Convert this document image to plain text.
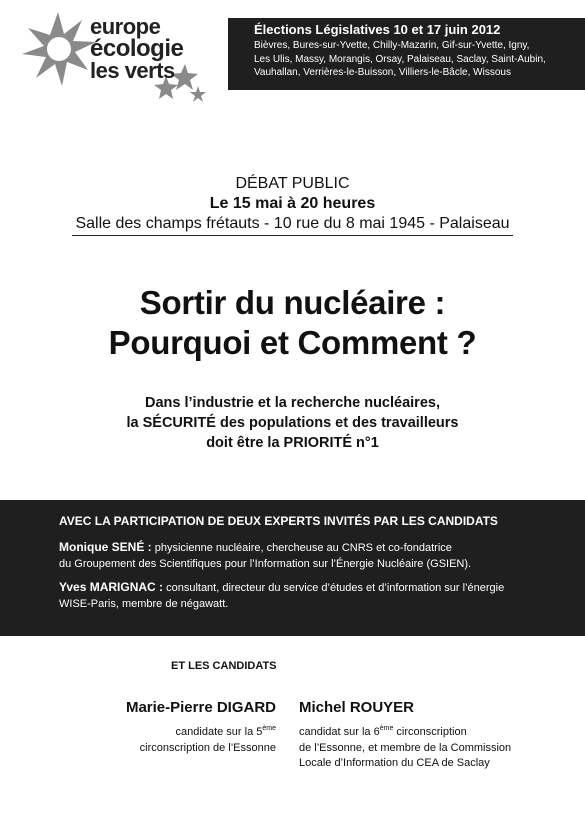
europe
écologie
les verts
Élections Législatives 10 et 17 juin 2012
Bièvres, Bures-sur-Yvette, Chilly-Mazarin, Gif-sur-Yvette, Igny,
Les Ulis, Massy, Morangis, Orsay, Palaiseau, Saclay, Saint-Aubin,
Vauhallan, Verrières-le-Buisson, Villiers-le-Bâcle, Wissous
DÉBAT PUBLIC
Le 15 mai à 20 heures
Salle des champs frétauts - 10 rue du 8 mai 1945 - Palaiseau
Sortir du nucléaire :
Pourquoi et Comment ?
Dans l’industrie et la recherche nucléaires,
la SÉCURITÉ des populations et des travailleurs
doit être la PRIORITÉ n°1
AVEC LA PARTICIPATION DE DEUX EXPERTS INVITÉS PAR LES CANDIDATS
Monique SENÉ : physicienne nucléaire, chercheuse au CNRS et co-fondatrice
du Groupement des Scientifiques pour l’Information sur l’Énergie Nucléaire (GSIEN).
Yves MARIGNAC : consultant, directeur du service d’études et d’information sur l’énergie
WISE-Paris, membre de négawatt.
ET LES CANDIDATS
Marie-Pierre DIGARD
candidate sur la 5ème
circonscription de l’Essonne
Michel ROUYER
candidat sur la 6ème circonscription
de l’Essonne, et membre de la Commission
Locale d’Information du CEA de Saclay
